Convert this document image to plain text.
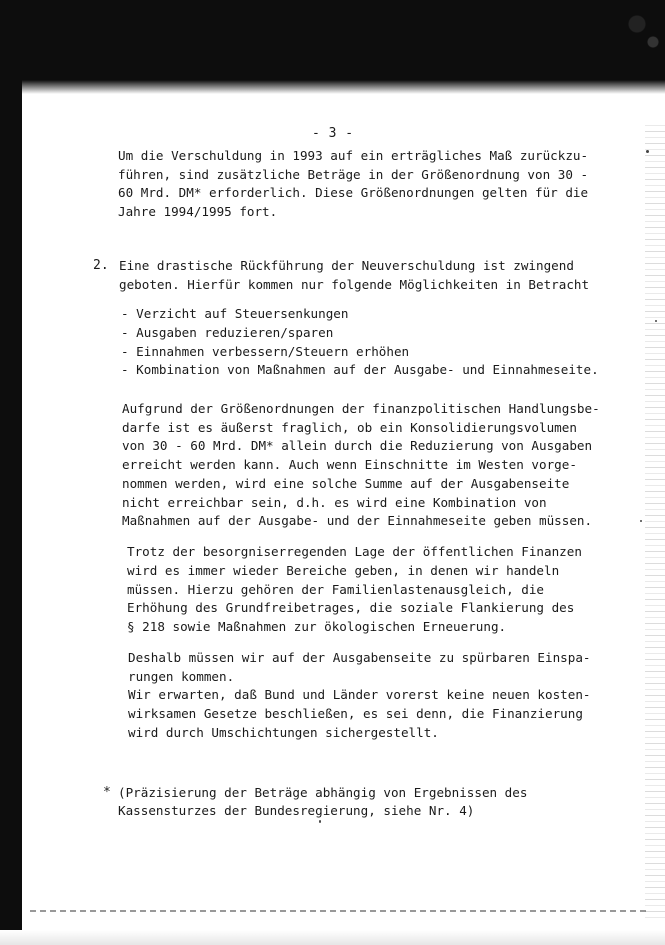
- 3 -
Um die Verschuldung in 1993 auf ein erträgliches Maß zurückzu-
führen, sind zusätzliche Beträge in der Größenordnung von 30 -
60 Mrd. DM* erforderlich. Diese Größenordnungen gelten für die
Jahre 1994/1995 fort.
2. Eine drastische Rückführung der Neuverschuldung ist zwingend
geboten. Hierfür kommen nur folgende Möglichkeiten in Betracht
- Verzicht auf Steuersenkungen
- Ausgaben reduzieren/sparen
- Einnahmen verbessern/Steuern erhöhen
- Kombination von Maßnahmen auf der Ausgabe- und Einnahmeseite.
Aufgrund der Größenordnungen der finanzpolitischen Handlungsbe-
darfe ist es äußerst fraglich, ob ein Konsolidierungsvolumen
von 30 - 60 Mrd. DM* allein durch die Reduzierung von Ausgaben
erreicht werden kann. Auch wenn Einschnitte im Westen vorge-
nommen werden, wird eine solche Summe auf der Ausgabenseite
nicht erreichbar sein, d.h. es wird eine Kombination von
Maßnahmen auf der Ausgabe- und der Einnahmeseite geben müssen.
Trotz der besorgniserregenden Lage der öffentlichen Finanzen
wird es immer wieder Bereiche geben, in denen wir handeln
müssen. Hierzu gehören der Familienlastenausgleich, die
Erhöhung des Grundfreibetrages, die soziale Flankierung des
§ 218 sowie Maßnahmen zur ökologischen Erneuerung.
Deshalb müssen wir auf der Ausgabenseite zu spürbaren Einspa-
rungen kommen.
Wir erwarten, daß Bund und Länder vorerst keine neuen kosten-
wirksamen Gesetze beschließen, es sei denn, die Finanzierung
wird durch Umschichtungen sichergestellt.
* (Präzisierung der Beträge abhängig von Ergebnissen des
Kassensturzes der Bundesregierung, siehe Nr. 4)
